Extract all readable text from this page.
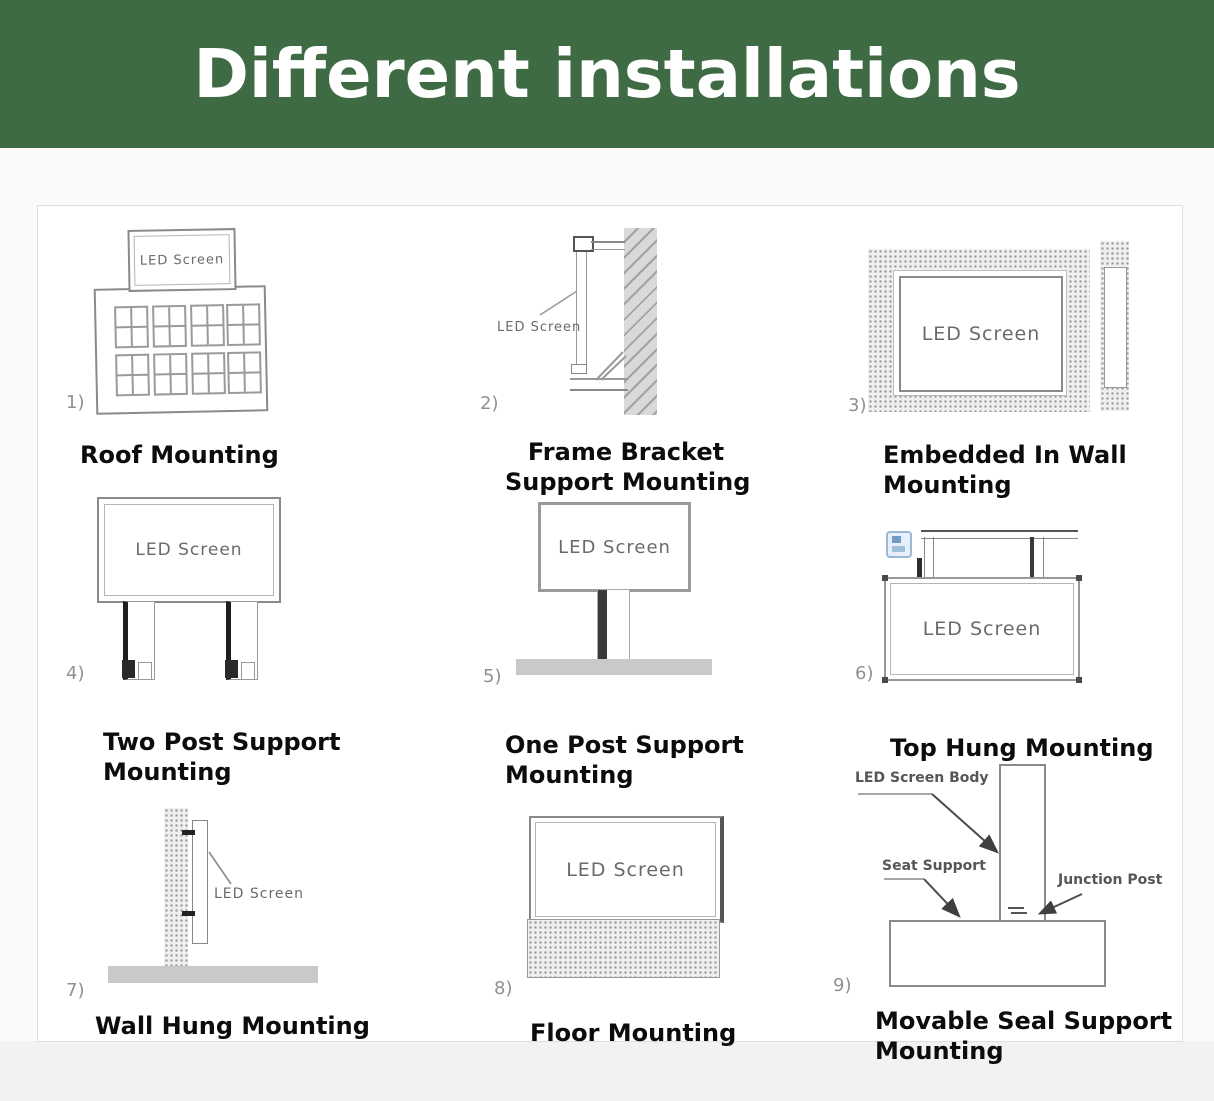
Different installations
LED Screen
1)
Roof Mounting
LED Screen
2)
Frame Bracket
Support Mounting
LED Screen
3)
Embedded In Wall
Mounting
LED Screen
4)
Two Post Support
Mounting
LED Screen
5)
One Post Support
Mounting
LED Screen
6)
Top Hung Mounting
LED Screen
7)
Wall Hung Mounting
LED Screen
8)
Floor Mounting
LED Screen Body
Seat Support
Junction Post
9)
Movable Seal Support
Mounting
